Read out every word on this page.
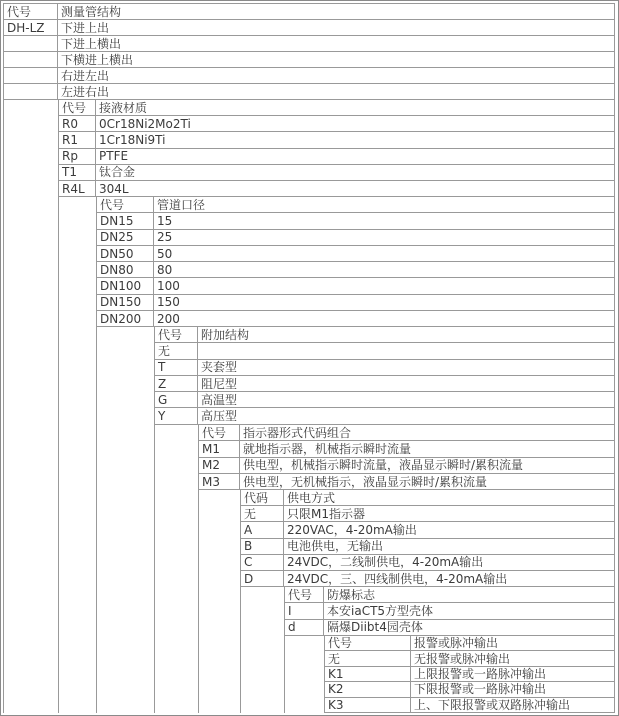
代号	测量管结构
DH-LZ	下进上出
	下进上横出
	下横进上横出
	右进左出
	左进右出
代号	接液材质
R0	0Cr18Ni2Mo2Ti
R1	1Cr18Ni9Ti
Rp	PTFE
T1	钛合金
R4L	304L
代号	管道口径
DN15	15
DN25	25
DN50	50
DN80	80
DN100	100
DN150	150
DN200	200
代号	附加结构
无	
T	夹套型
Z	阻尼型
G	高温型
Y	高压型
代号	指示器形式代码组合
M1	就地指示器，机械指示瞬时流量
M2	供电型，机械指示瞬时流量，液晶显示瞬时/累积流量
M3	供电型，无机械指示，液晶显示瞬时/累积流量
代码	供电方式
无	只限M1指示器
A	220VAC，4-20mA输出
B	电池供电，无输出
C	24VDC，二线制供电，4-20mA输出
D	24VDC，三、四线制供电，4-20mA输出
代号	防爆标志
I	本安iaCT5方型壳体
d	隔爆Diibt4园壳体
代号	报警或脉冲输出
无	无报警或脉冲输出
K1	上限报警或一路脉冲输出
K2	下限报警或一路脉冲输出
K3	上、下限报警或双路脉冲输出
